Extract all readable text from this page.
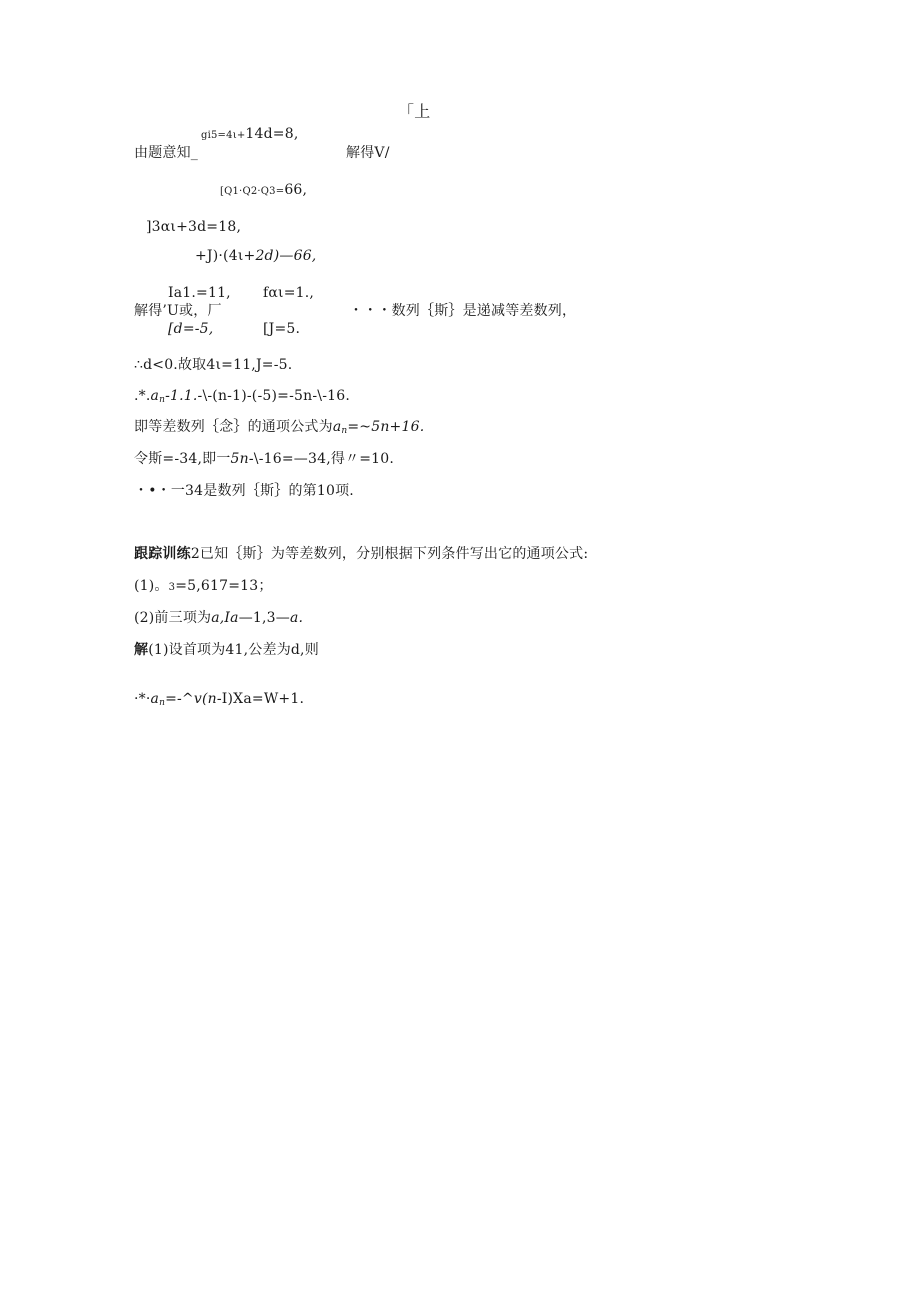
「上
gi5=4ι+14d=8,
由题意知_	解得V/
[Q1·Q2·Q3=66,
]3αι+3d=18,
+J)·(4ι+2d)—66,
Ia1.=11, fαι=1.,
解得’U或，厂	・・・数列｛斯｝是递减等差数列，
[d=-5,	[J=5.
∴d<0.故取4ι=11,J=-5.
$.*.a_n-1.1.-\backslash-(n-1)-(-5)=-5n-\backslash-16$.
即等差数列｛念｝的通项公式为$a_n=\sim 5n+16$.
令斯=-34,即一5n-\-16=—34,得〃=10.
・•・一34是数列｛斯｝的第10项.
跟踪训练2已知｛斯｝为等差数列，分别根据下列条件写出它的通项公式:
(1)。3=5,617=13；
(2)前三项为a,Ia—1,3—a.
解(1)设首项为41,公差为d,则
$\cdot*\cdot a_n=-\^{}v(n-I)Xa=W+1$.
